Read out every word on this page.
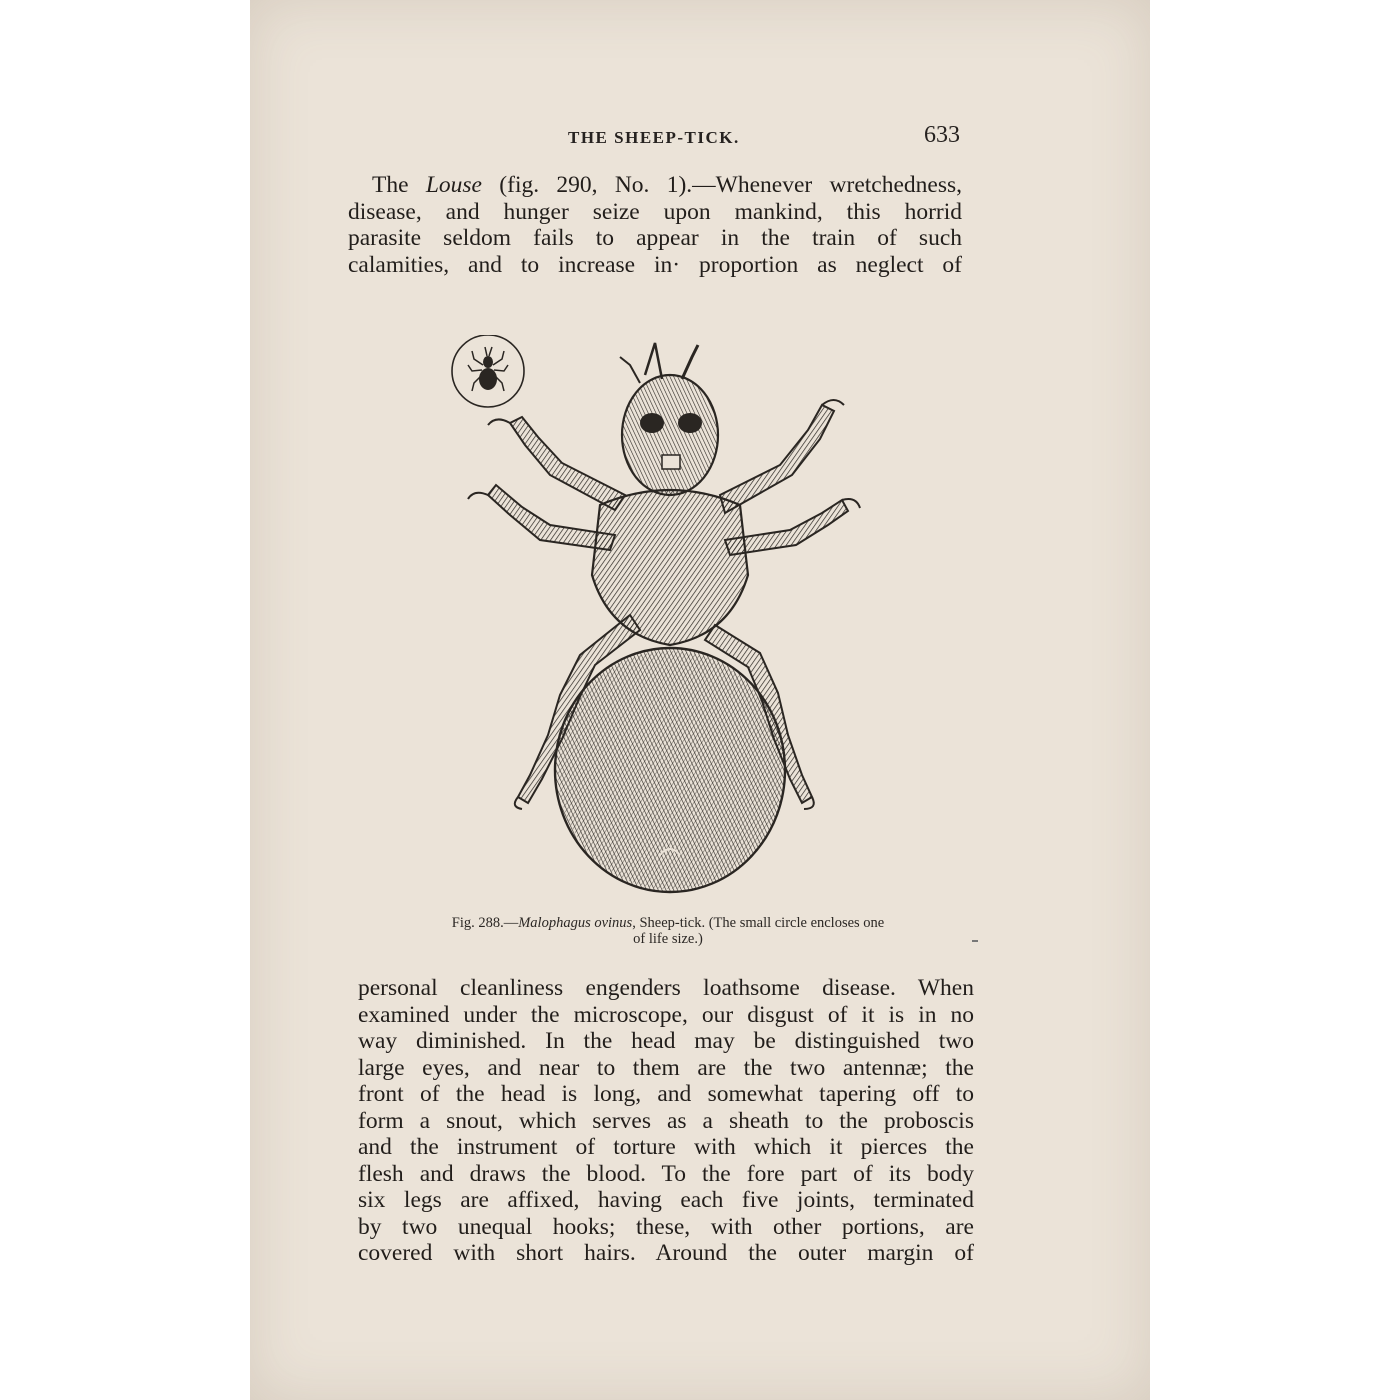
THE SHEEP-TICK.	633

The Louse (fig. 290, No. 1).—Whenever wretchedness,
disease, and hunger seize upon mankind, this horrid
parasite seldom fails to appear in the train of such
calamities, and to increase in· proportion as neglect of

Fig. 288.—Malophagus ovinus, Sheep-tick. (The small circle encloses one
of life size.)

personal cleanliness engenders loathsome disease. When
examined under the microscope, our disgust of it is in no
way diminished. In the head may be distinguished two
large eyes, and near to them are the two antennæ; the
front of the head is long, and somewhat tapering off to
form a snout, which serves as a sheath to the proboscis
and the instrument of torture with which it pierces the
flesh and draws the blood. To the fore part of its body
six legs are affixed, having each five joints, terminated
by two unequal hooks; these, with other portions, are
covered with short hairs. Around the outer margin of
